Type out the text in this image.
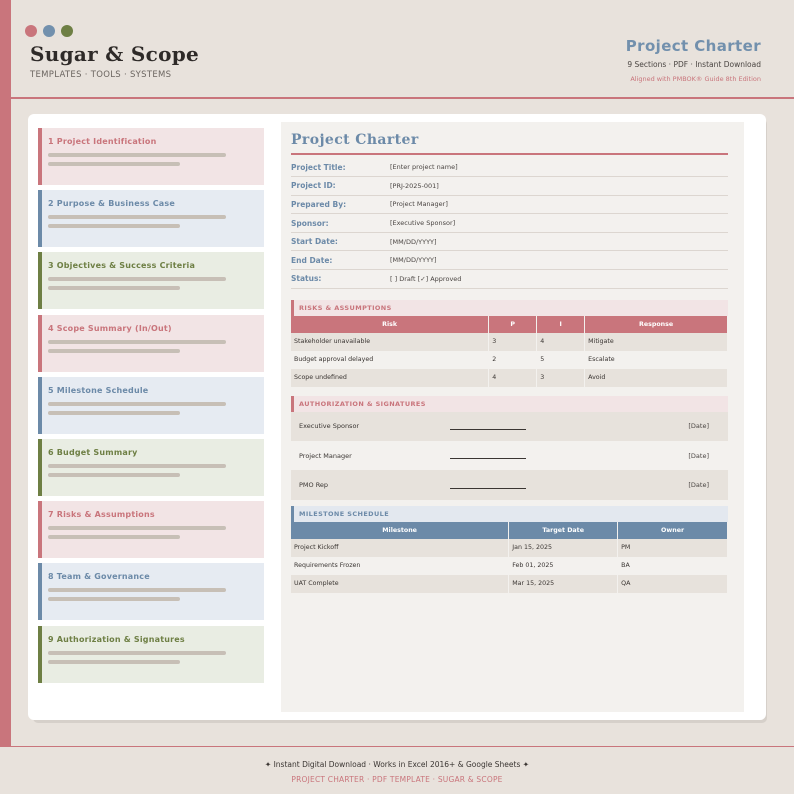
Sugar & Scope
TEMPLATES · TOOLS · SYSTEMS
Project Charter
9 Sections · PDF · Instant Download
Aligned with PMBOK® Guide 8th Edition
1 Project Identification
2 Purpose & Business Case
3 Objectives & Success Criteria
4 Scope Summary (In/Out)
5 Milestone Schedule
6 Budget Summary
7 Risks & Assumptions
8 Team & Governance
9 Authorization & Signatures
Project Charter
Project Title:	[Enter project name]
Project ID:	[PRJ-2025-001]
Prepared By:	[Project Manager]
Sponsor:	[Executive Sponsor]
Start Date:	[MM/DD/YYYY]
End Date:	[MM/DD/YYYY]
Status:	[ ] Draft [✓] Approved
RISKS & ASSUMPTIONS
Risk	P	I	Response
Stakeholder unavailable	3	4	Mitigate
Budget approval delayed	2	5	Escalate
Scope undefined	4	3	Avoid
AUTHORIZATION & SIGNATURES
Executive Sponsor	[Date]
Project Manager	[Date]
PMO Rep	[Date]
MILESTONE SCHEDULE
Milestone	Target Date	Owner
Project Kickoff	Jan 15, 2025	PM
Requirements Frozen	Feb 01, 2025	BA
UAT Complete	Mar 15, 2025	QA
✦ Instant Digital Download · Works in Excel 2016+ & Google Sheets ✦
PROJECT CHARTER · PDF TEMPLATE · SUGAR & SCOPE
